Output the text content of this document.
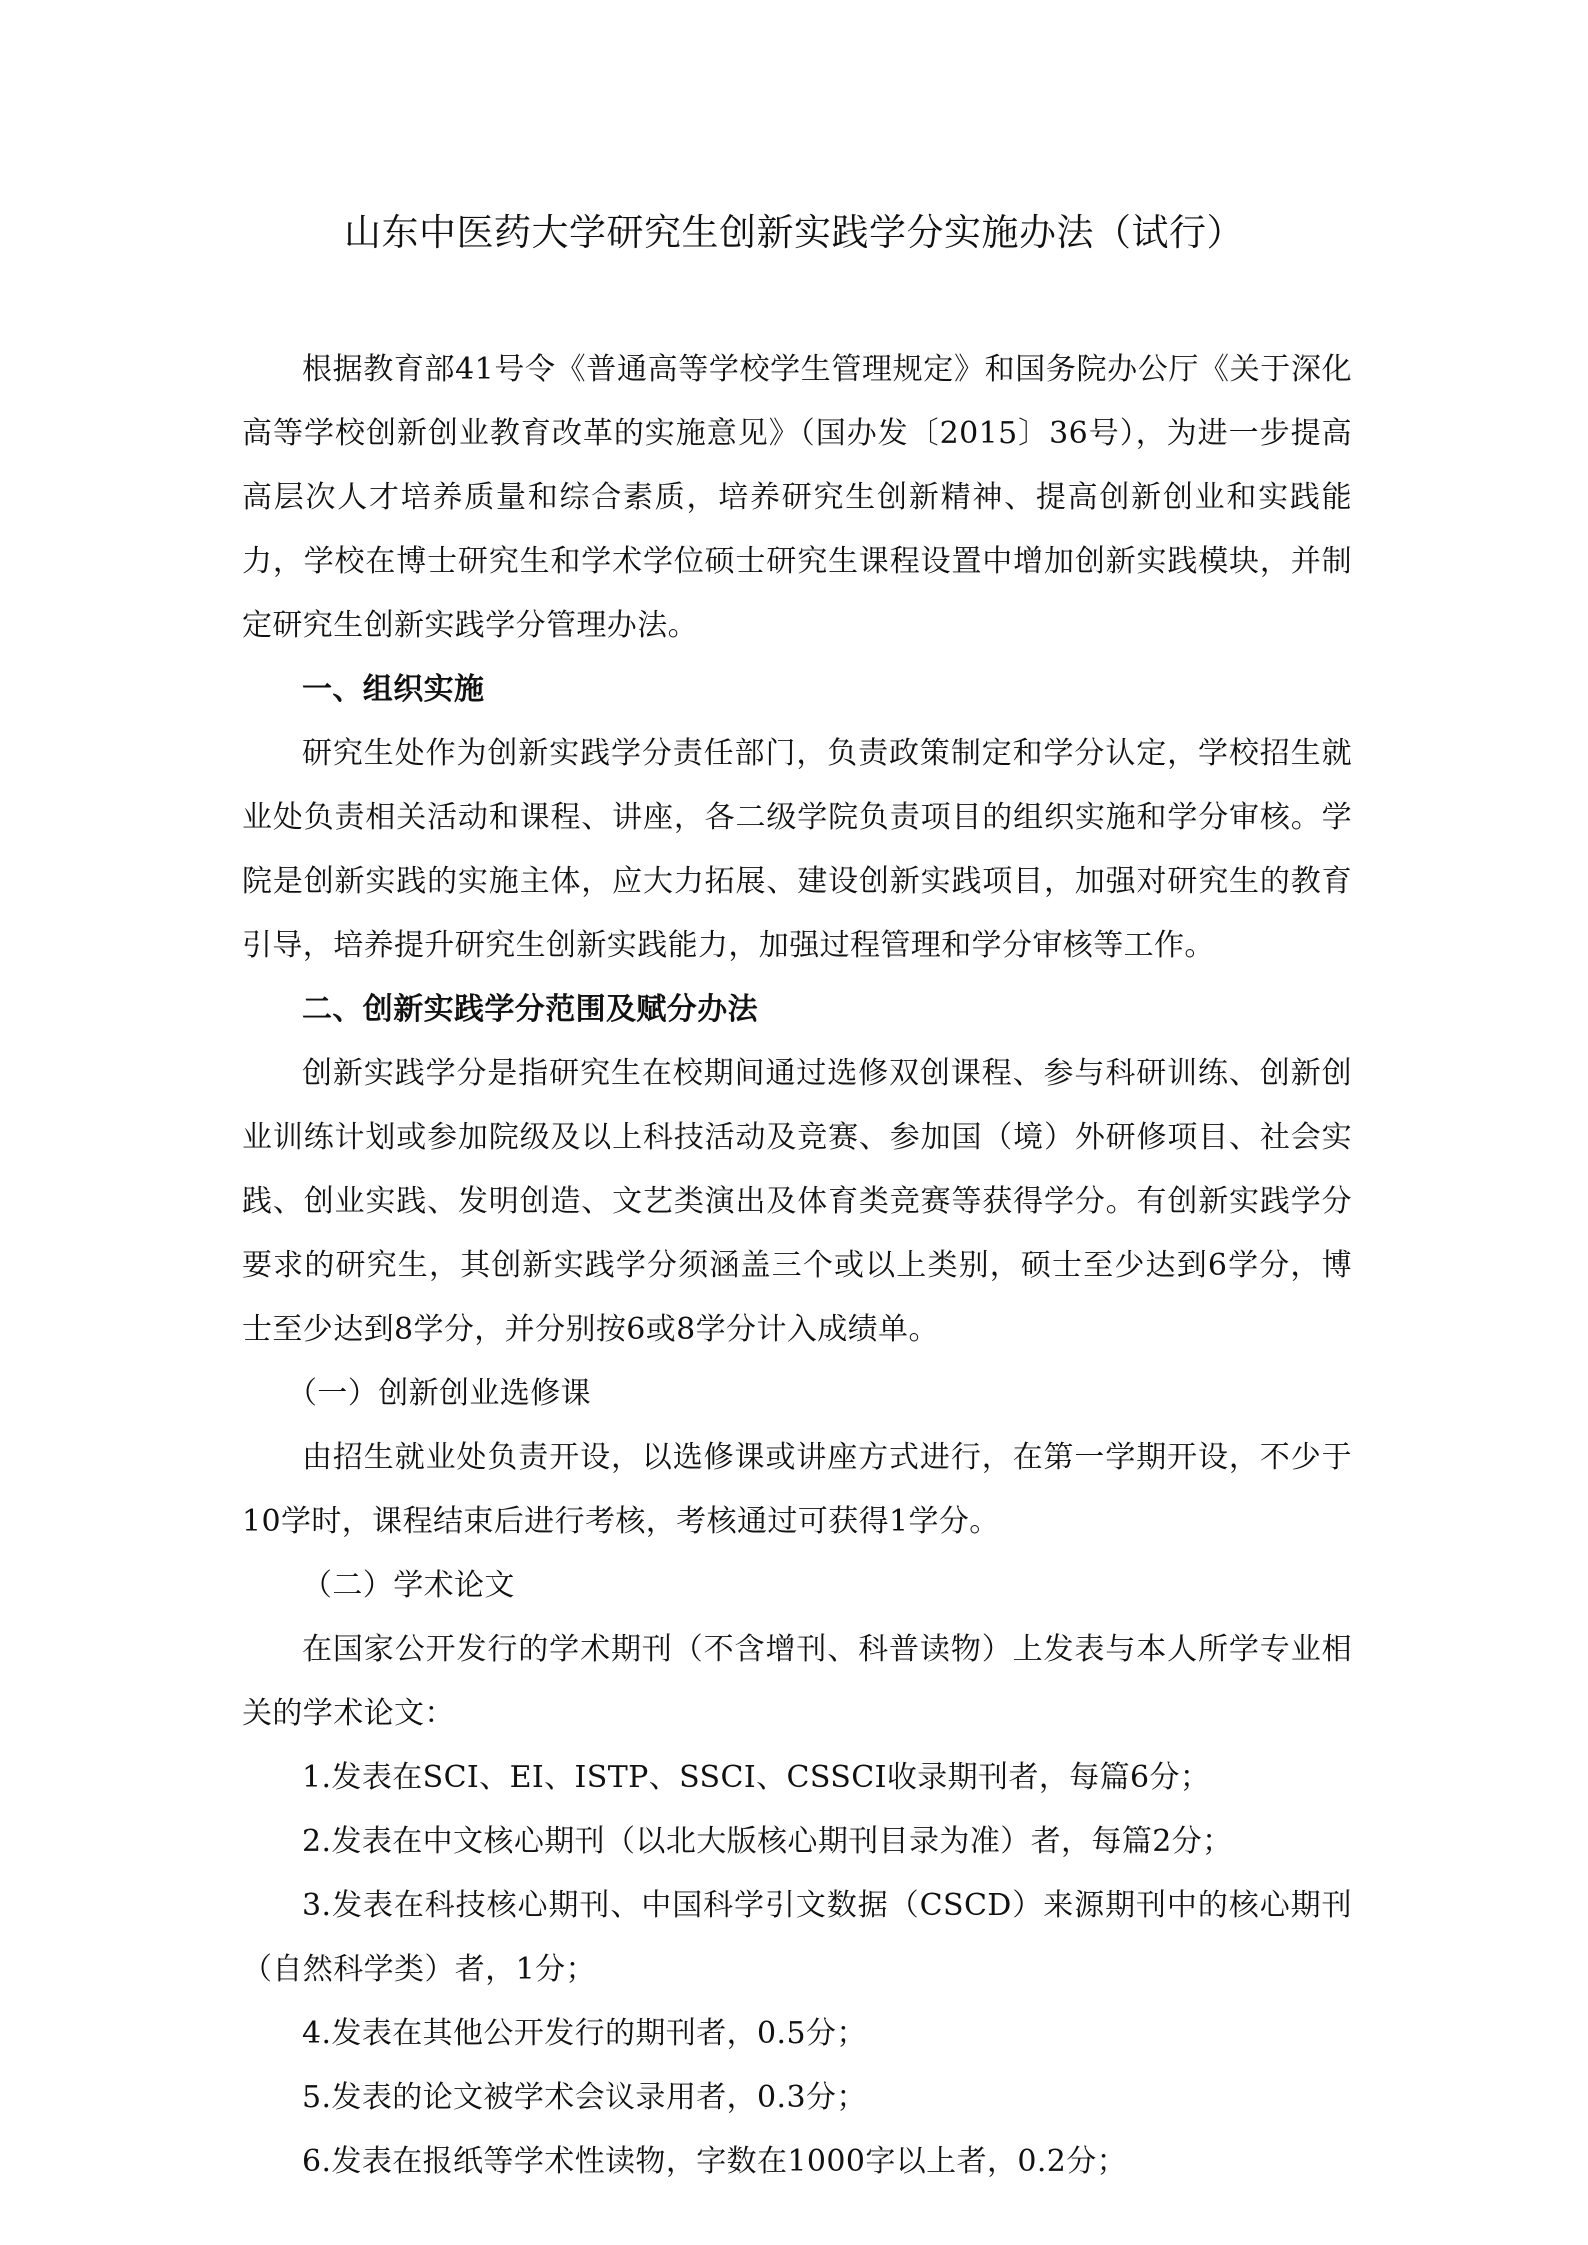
山东中医药大学研究生创新实践学分实施办法（试行）

根据教育部41号令《普通高等学校学生管理规定》和国务院办公厅《关于深化高等学校创新创业教育改革的实施意见》（国办发〔2015〕36号），为进一步提高高层次人才培养质量和综合素质，培养研究生创新精神、提高创新创业和实践能力，学校在博士研究生和学术学位硕士研究生课程设置中增加创新实践模块，并制定研究生创新实践学分管理办法。

一、组织实施

研究生处作为创新实践学分责任部门，负责政策制定和学分认定，学校招生就业处负责相关活动和课程、讲座，各二级学院负责项目的组织实施和学分审核。学院是创新实践的实施主体，应大力拓展、建设创新实践项目，加强对研究生的教育引导，培养提升研究生创新实践能力，加强过程管理和学分审核等工作。

二、创新实践学分范围及赋分办法

创新实践学分是指研究生在校期间通过选修双创课程、参与科研训练、创新创业训练计划或参加院级及以上科技活动及竞赛、参加国（境）外研修项目、社会实践、创业实践、发明创造、文艺类演出及体育类竞赛等获得学分。有创新实践学分要求的研究生，其创新实践学分须涵盖三个或以上类别，硕士至少达到6学分，博士至少达到8学分，并分别按6或8学分计入成绩单。

（一）创新创业选修课

由招生就业处负责开设，以选修课或讲座方式进行，在第一学期开设，不少于10学时，课程结束后进行考核，考核通过可获得1学分。

（二）学术论文

在国家公开发行的学术期刊（不含增刊、科普读物）上发表与本人所学专业相关的学术论文：

1.发表在SCI、EI、ISTP、SSCI、CSSCI收录期刊者，每篇6分；

2.发表在中文核心期刊（以北大版核心期刊目录为准）者，每篇2分；

3.发表在科技核心期刊、中国科学引文数据（CSCD）来源期刊中的核心期刊（自然科学类）者，1分；

4.发表在其他公开发行的期刊者，0.5分；

5.发表的论文被学术会议录用者，0.3分；

6.发表在报纸等学术性读物，字数在1000字以上者，0.2分；
